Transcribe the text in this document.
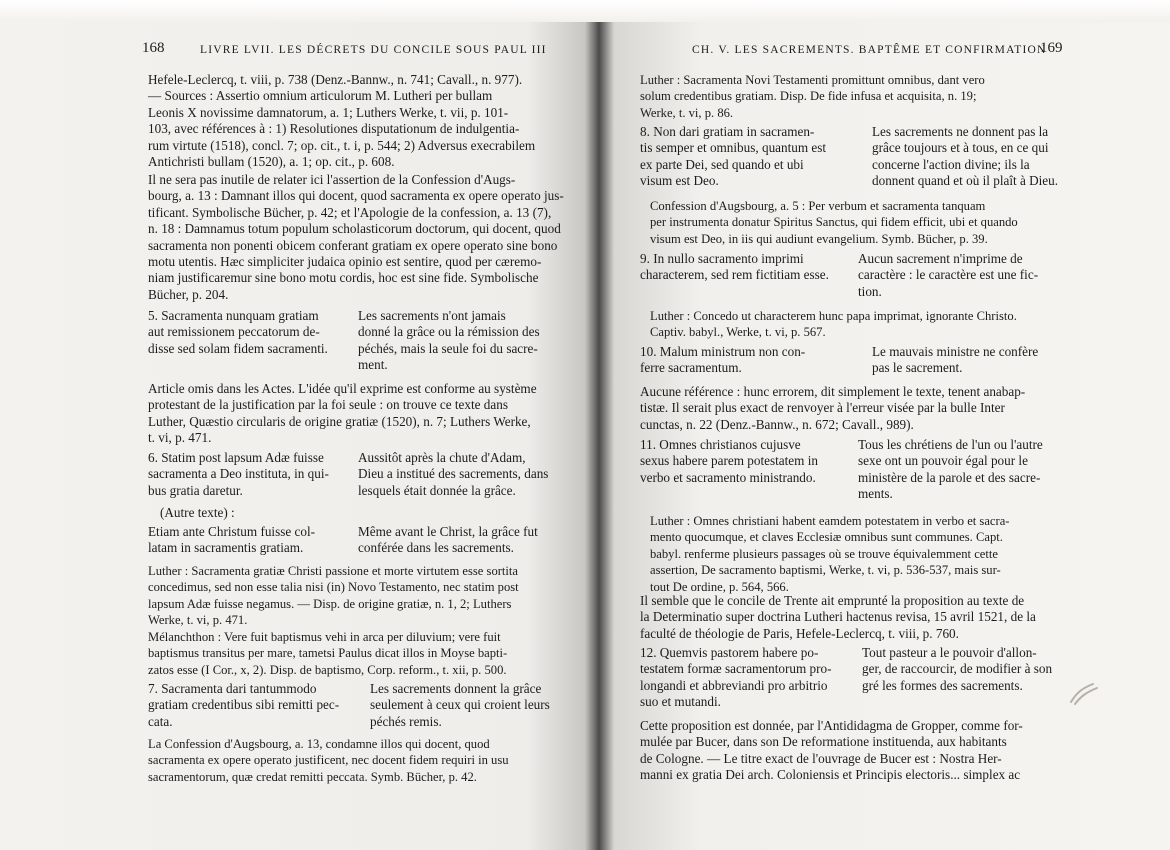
168	LIVRE LVII. LES DÉCRETS DU CONCILE SOUS PAUL III
Hefele-Leclercq, t. viii, p. 738 (Denz.-Bannw., n. 741; Cavall., n. 977).
— Sources : Assertio omnium articulorum M. Lutheri per bullam
Leonis X novissime damnatorum, a. 1; Luthers Werke, t. vii, p. 101-
103, avec références à : 1) Resolutiones disputationum de indulgentia-
rum virtute (1518), concl. 7; op. cit., t. i, p. 544; 2) Adversus execrabilem
Antichristi bullam (1520), a. 1; op. cit., p. 608.
Il ne sera pas inutile de relater ici l'assertion de la Confession d'Augs-
bourg, a. 13 : Damnant illos qui docent, quod sacramenta ex opere operato jus-
tificant. Symbolische Bücher, p. 42; et l'Apologie de la confession, a. 13 (7),
n. 18 : Damnamus totum populum scholasticorum doctorum, qui docent, quod
sacramenta non ponenti obicem conferant gratiam ex opere operato sine bono
motu utentis. Hæc simpliciter judaica opinio est sentire, quod per cæremo-
niam justificaremur sine bono motu cordis, hoc est sine fide. Symbolische
Bücher, p. 204.
5. Sacramenta nunquam gratiam
aut remissionem peccatorum de-
disse sed solam fidem sacramenti.
Les sacrements n'ont jamais
donné la grâce ou la rémission des
péchés, mais la seule foi du sacre-
ment.
Article omis dans les Actes. L'idée qu'il exprime est conforme au système
protestant de la justification par la foi seule : on trouve ce texte dans
Luther, Quæstio circularis de origine gratiæ (1520), n. 7; Luthers Werke,
t. vi, p. 471.
6. Statim post lapsum Adæ fuisse
sacramenta a Deo instituta, in qui-
bus gratia daretur.
Aussitôt après la chute d'Adam,
Dieu a institué des sacrements, dans
lesquels était donnée la grâce.
(Autre texte) :
Etiam ante Christum fuisse col-
latam in sacramentis gratiam.
Même avant le Christ, la grâce fut
conférée dans les sacrements.
Luther : Sacramenta gratiæ Christi passione et morte virtutem esse sortita
concedimus, sed non esse talia nisi (in) Novo Testamento, nec statim post
lapsum Adæ fuisse negamus. — Disp. de origine gratiæ, n. 1, 2; Luthers
Werke, t. vi, p. 471.
Mélanchthon : Vere fuit baptismus vehi in arca per diluvium; vere fuit
baptismus transitus per mare, tametsi Paulus dicat illos in Moyse bapti-
zatos esse (I Cor., x, 2). Disp. de baptismo, Corp. reform., t. xii, p. 500.
7. Sacramenta dari tantummodo
gratiam credentibus sibi remitti pec-
cata.
Les sacrements donnent la grâce
seulement à ceux qui croient leurs
péchés remis.
La Confession d'Augsbourg, a. 13, condamne illos qui docent, quod
sacramenta ex opere operato justificent, nec docent fidem requiri in usu
sacramentorum, quæ credat remitti peccata. Symb. Bücher, p. 42.
CH. V. LES SACREMENTS. BAPTÊME ET CONFIRMATION
169
Luther : Sacramenta Novi Testamenti promittunt omnibus, dant vero
solum credentibus gratiam. Disp. De fide infusa et acquisita, n. 19;
Werke, t. vi, p. 86.
8. Non dari gratiam in sacramen-
tis semper et omnibus, quantum est
ex parte Dei, sed quando et ubi
visum est Deo.
Les sacrements ne donnent pas la
grâce toujours et à tous, en ce qui
concerne l'action divine; ils la
donnent quand et où il plaît à Dieu.
Confession d'Augsbourg, a. 5 : Per verbum et sacramenta tanquam
per instrumenta donatur Spiritus Sanctus, qui fidem efficit, ubi et quando
visum est Deo, in iis qui audiunt evangelium. Symb. Bücher, p. 39.
9. In nullo sacramento imprimi
characterem, sed rem fictitiam esse.
Aucun sacrement n'imprime de
caractère : le caractère est une fic-
tion.
Luther : Concedo ut characterem hunc papa imprimat, ignorante Christo.
Captiv. babyl., Werke, t. vi, p. 567.
10. Malum ministrum non con-
ferre sacramentum.
Le mauvais ministre ne confère
pas le sacrement.
Aucune référence : hunc errorem, dit simplement le texte, tenent anabap-
tistæ. Il serait plus exact de renvoyer à l'erreur visée par la bulle Inter
cunctas, n. 22 (Denz.-Bannw., n. 672; Cavall., 989).
11. Omnes christianos cujusve
sexus habere parem potestatem in
verbo et sacramento ministrando.
Tous les chrétiens de l'un ou l'autre
sexe ont un pouvoir égal pour le
ministère de la parole et des sacre-
ments.
Luther : Omnes christiani habent eamdem potestatem in verbo et sacra-
mento quocumque, et claves Ecclesiæ omnibus sunt communes. Capt.
babyl. renferme plusieurs passages où se trouve équivalemment cette
assertion, De sacramento baptismi, Werke, t. vi, p. 536-537, mais sur-
tout De ordine, p. 564, 566.
Il semble que le concile de Trente ait emprunté la proposition au texte de
la Determinatio super doctrina Lutheri hactenus revisa, 15 avril 1521, de la
faculté de théologie de Paris, Hefele-Leclercq, t. viii, p. 760.
12. Quemvis pastorem habere po-
testatem formæ sacramentorum pro-
longandi et abbreviandi pro arbitrio
suo et mutandi.
Tout pasteur a le pouvoir d'allon-
ger, de raccourcir, de modifier à son
gré les formes des sacrements.
Cette proposition est donnée, par l'Antididagma de Gropper, comme for-
mulée par Bucer, dans son De reformatione instituenda, aux habitants
de Cologne. — Le titre exact de l'ouvrage de Bucer est : Nostra Her-
manni ex gratia Dei arch. Coloniensis et Principis electoris... simplex ac
